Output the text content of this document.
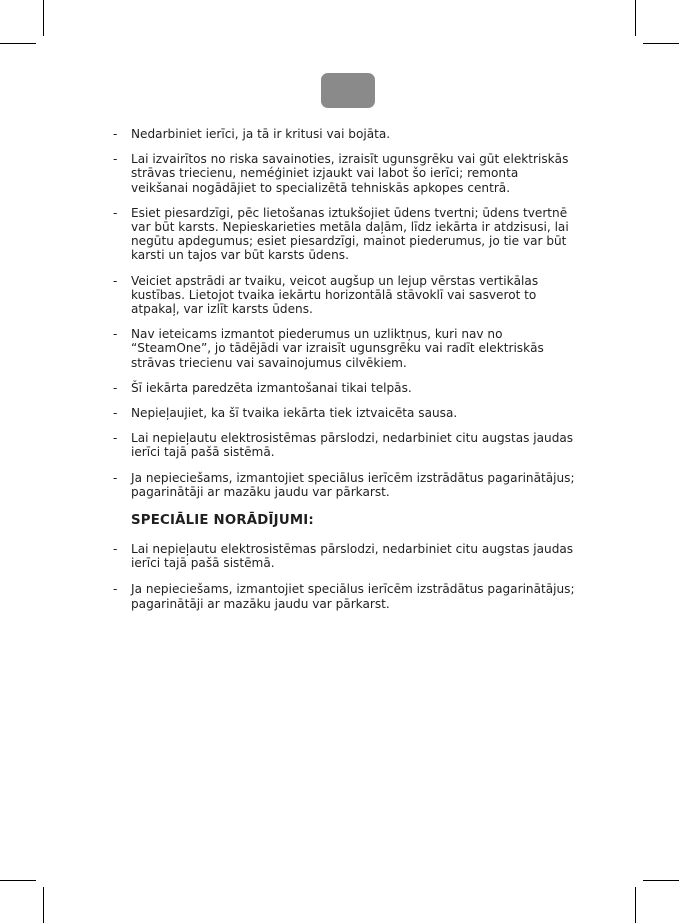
- Nedarbiniet ierīci, ja tā ir kritusi vai bojāta.
- Lai izvairītos no riska savainoties, izraisīt ugunsgrēku vai gūt elektriskās strāvas triecienu, neméģiniet izjaukt vai labot šo ierīci; remonta veikšanai nogādājiet to specializētā tehniskās apkopes centrā.
- Esiet piesardzīgi, pēc lietošanas iztukšojiet ūdens tvertni; ūdens tvertnē var būt karsts. Nepieskarieties metāla daļām, līdz iekārta ir atdzisusi, lai negūtu apdegumus; esiet piesardzīgi, mainot piederumus, jo tie var būt karsti un tajos var būt karsts ūdens.
- Veiciet apstrādi ar tvaiku, veicot augšup un lejup vērstas vertikālas kustības. Lietojot tvaika iekārtu horizontālā stāvoklī vai sasverot to atpakaļ, var izlīt karsts ūdens.
- Nav ieteicams izmantot piederumus un uzliktņus, kuri nav no “SteamOne”, jo tādējādi var izraisīt ugunsgrēku vai radīt elektriskās strāvas triecienu vai savainojumus cilvēkiem.
- Šī iekārta paredzēta izmantošanai tikai telpās.
- Nepieļaujiet, ka šī tvaika iekārta tiek iztvaicēta sausa.
- Lai nepieļautu elektrosistēmas pārslodzi, nedarbiniet citu augstas jaudas ierīci tajā pašā sistēmā.
- Ja nepieciešams, izmantojiet speciālus ierīcēm izstrādātus pagarinātājus; pagarinātāji ar mazāku jaudu var pārkarst.
SPECIĀLIE NORĀDĪJUMI:
- Lai nepieļautu elektrosistēmas pārslodzi, nedarbiniet citu augstas jaudas ierīci tajā pašā sistēmā.
- Ja nepieciešams, izmantojiet speciālus ierīcēm izstrādātus pagarinātājus; pagarinātāji ar mazāku jaudu var pārkarst.
